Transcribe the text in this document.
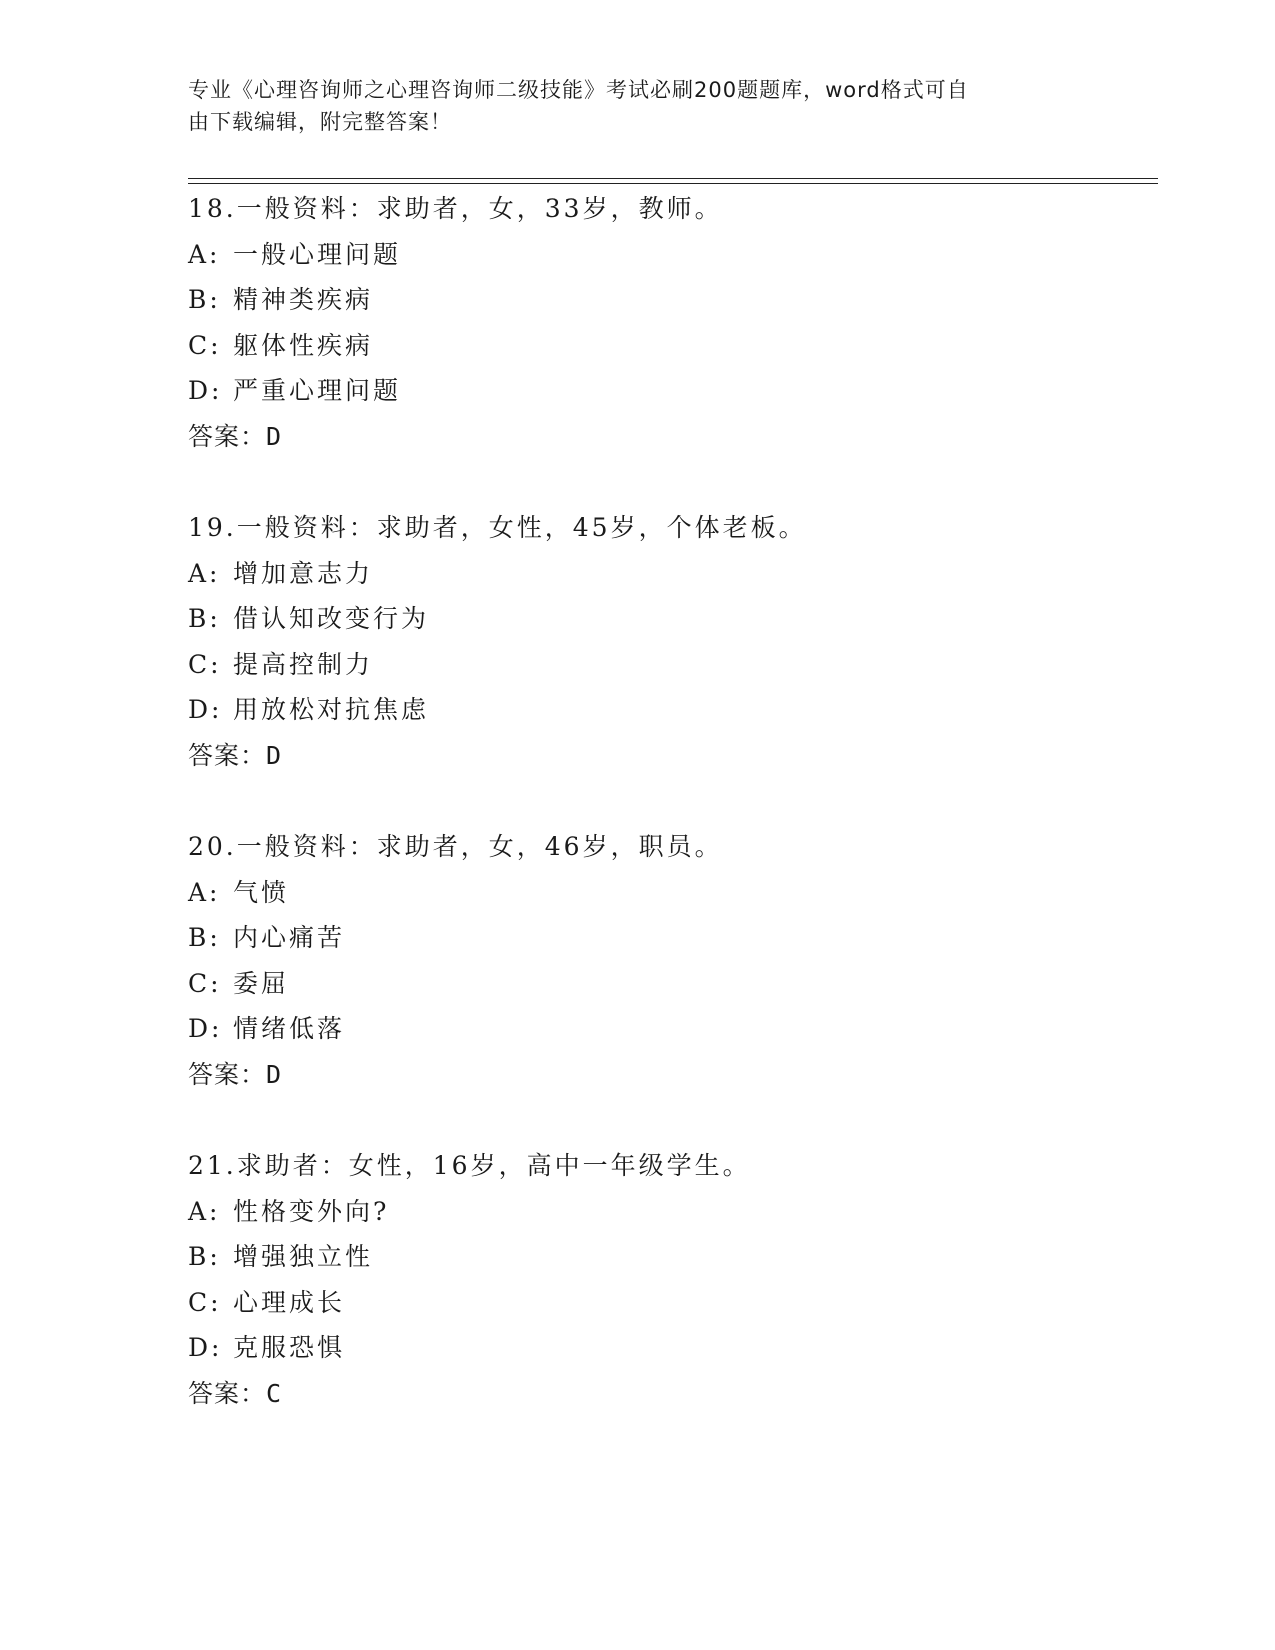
专业《心理咨询师之心理咨询师二级技能》考试必刷200题题库，word格式可自
由下载编辑，附完整答案！
18.一般资料：求助者，女，33岁，教师。
A: 一般心理问题
B: 精神类疾病
C: 躯体性疾病
D: 严重心理问题
答案：D
19.一般资料：求助者，女性，45岁，个体老板。
A: 增加意志力
B: 借认知改变行为
C: 提高控制力
D: 用放松对抗焦虑
答案：D
20.一般资料：求助者，女，46岁，职员。
A: 气愤
B: 内心痛苦
C: 委屈
D: 情绪低落
答案：D
21.求助者：女性，16岁，高中一年级学生。
A: 性格变外向?
B: 增强独立性
C: 心理成长
D: 克服恐惧
答案：C
